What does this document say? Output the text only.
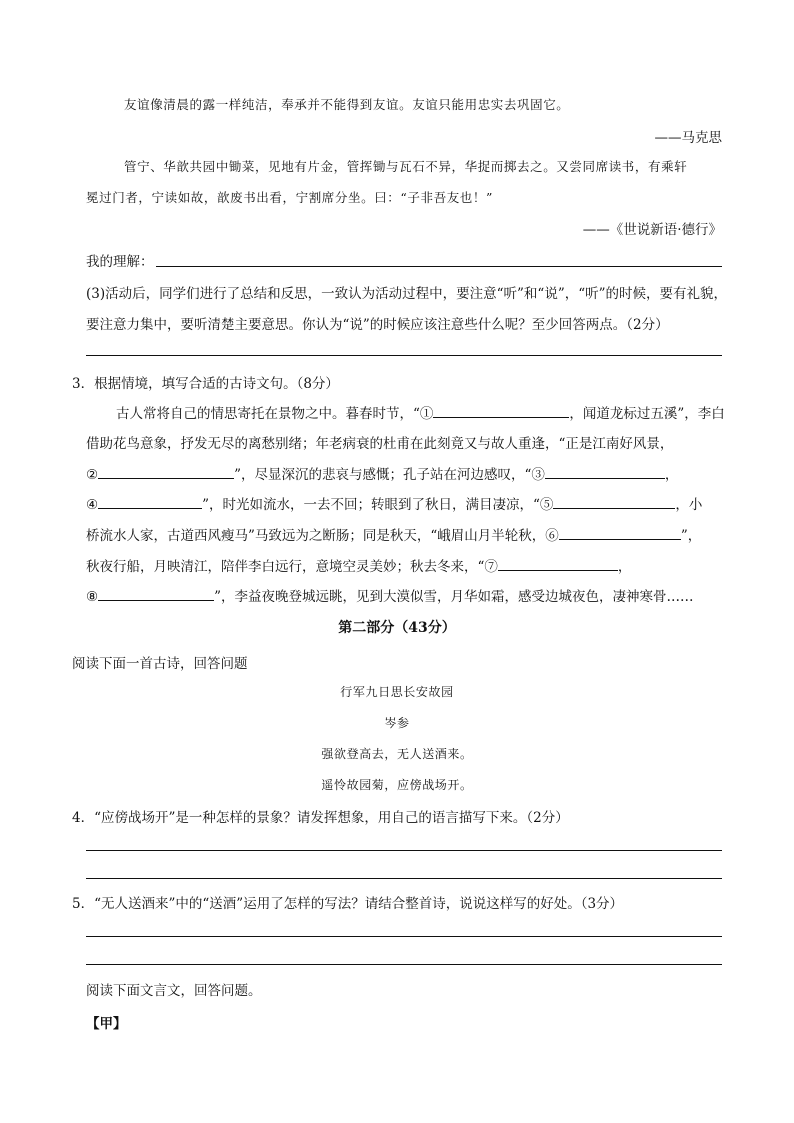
友谊像清晨的露一样纯洁，奉承并不能得到友谊。友谊只能用忠实去巩固它。
——马克思
管宁、华歆共园中锄菜，见地有片金，管挥锄与瓦石不异，华捉而掷去之。又尝同席读书，有乘轩
冕过门者，宁读如故，歆废书出看，宁割席分坐。曰：“子非吾友也！”
——《世说新语·德行》
我的理解：
(3)活动后，同学们进行了总结和反思，一致认为活动过程中，要注意“听”和“说”，“听”的时候，要有礼貌，
要注意力集中，要听清楚主要意思。你认为“说”的时候应该注意些什么呢？至少回答两点。（2分）
3．根据情境，填写合适的古诗文句。（8分）
古人常将自己的情思寄托在景物之中。暮春时节，“①	，闻道龙标过五溪”，李白
借助花鸟意象，抒发无尽的离愁别绪；年老病衰的杜甫在此刻竟又与故人重逢，“正是江南好风景，
②	”，尽显深沉的悲哀与感慨；孔子站在河边感叹，“③	，
④	”，时光如流水，一去不回；转眼到了秋日，满目凄凉，“⑤	，小
桥流水人家，古道西风瘦马”马致远为之断肠；同是秋天，“峨眉山月半轮秋，⑥	”，
秋夜行船，月映清江，陪伴李白远行，意境空灵美妙；秋去冬来，“⑦	，
⑧	”，李益夜晚登城远眺，见到大漠似雪，月华如霜，感受边城夜色，凄神寒骨……
第二部分（43分）
阅读下面一首古诗，回答问题
行军九日思长安故园
岑参
强欲登高去，无人送酒来。
遥怜故园菊，应傍战场开。
4．“应傍战场开”是一种怎样的景象？请发挥想象，用自己的语言描写下来。（2分）
5．“无人送酒来”中的“送酒”运用了怎样的写法？请结合整首诗，说说这样写的好处。（3分）
阅读下面文言文，回答问题。
【甲】
